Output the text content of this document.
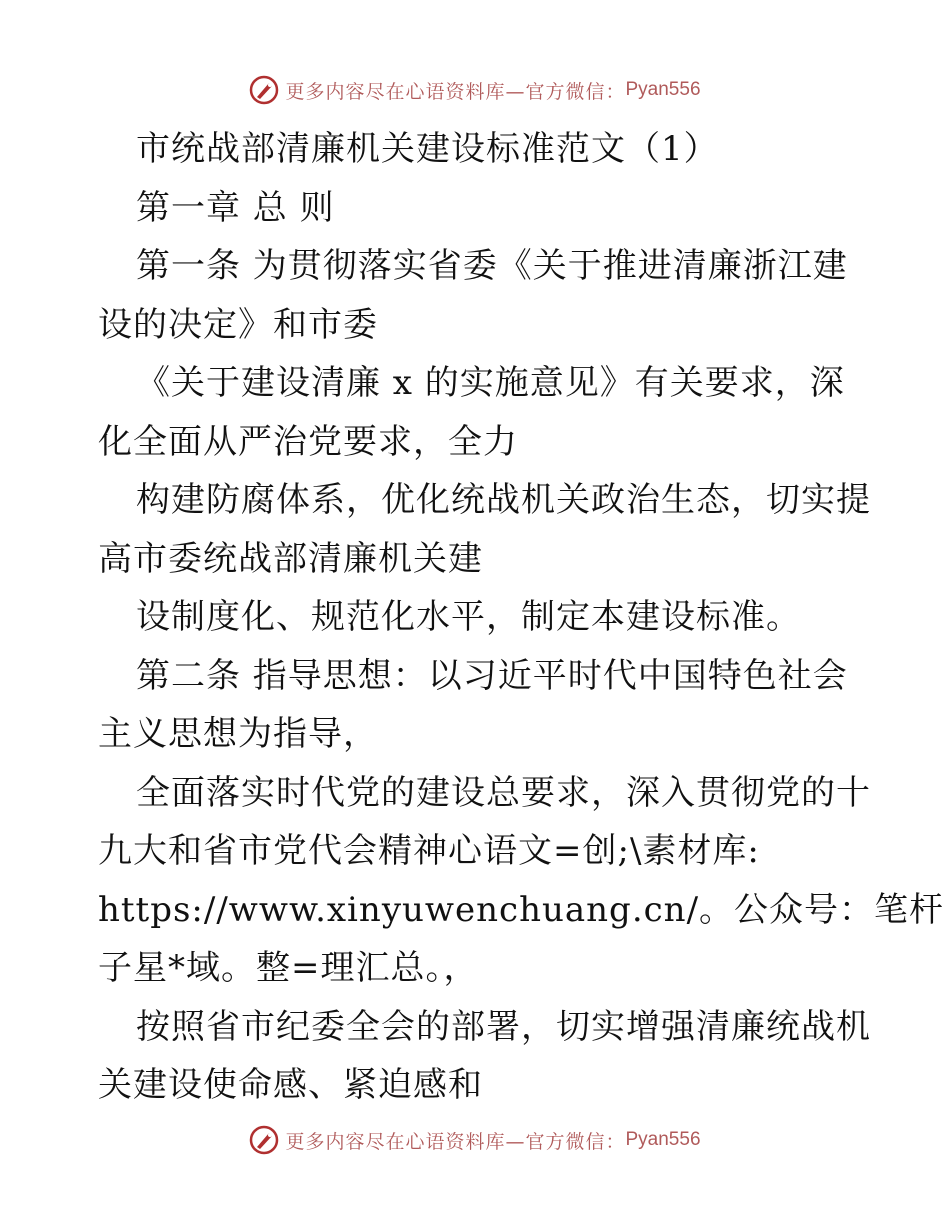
更多内容尽在心语资料库—官方微信： Pyan556
市统战部清廉机关建设标准范文（1）
第一章 总 则
第一条 为贯彻落实省委《关于推进清廉浙江建
设的决定》和市委
《关于建设清廉 x 的实施意见》有关要求，深
化全面从严治党要求，全力
构建防腐体系，优化统战机关政治生态，切实提
高市委统战部清廉机关建
设制度化、规范化水平，制定本建设标准。
第二条 指导思想：以习近平时代中国特色社会
主义思想为指导，
全面落实时代党的建设总要求，深入贯彻党的十
九大和省市党代会精神心语文=创;\素材库:
https://www.xinyuwenchuang.cn/。公众号：笔杆
子星*域。整=理汇总。，
按照省市纪委全会的部署，切实增强清廉统战机
关建设使命感、紧迫感和
更多内容尽在心语资料库—官方微信： Pyan556
